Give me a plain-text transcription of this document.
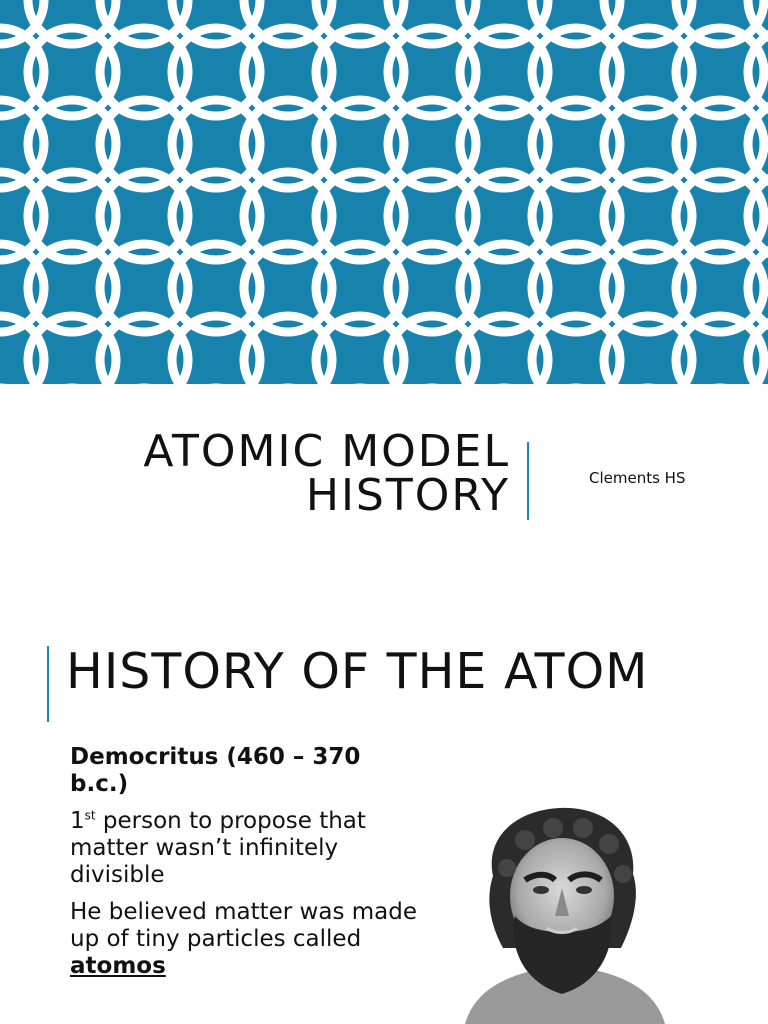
ATOMIC MODEL
HISTORY	Clements HS
HISTORY OF THE ATOM

Democritus (460 – 370 b.c.)

1st person to propose that matter wasn’t infinitely divisible

He believed matter was made up of tiny particles called atomos
